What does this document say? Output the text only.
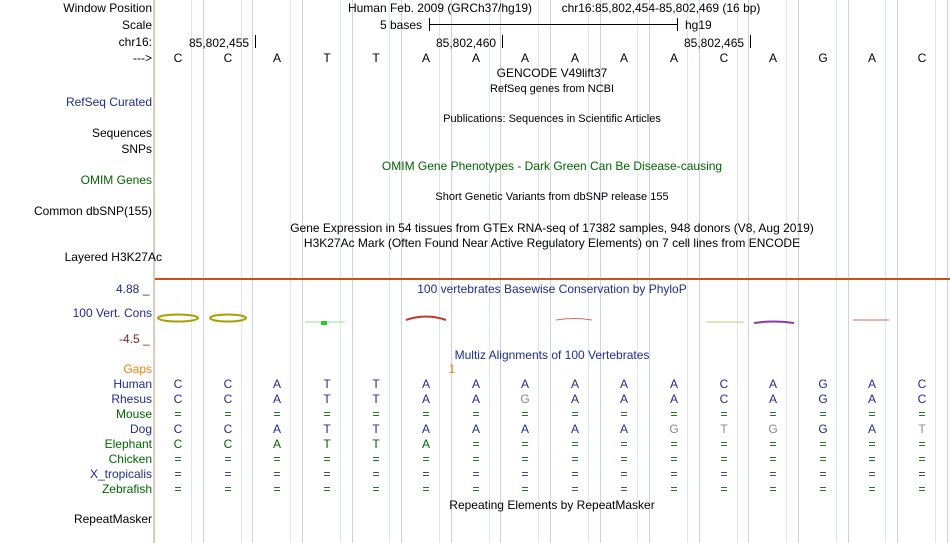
Window Position
Scale
chr16:
--->
Human Feb. 2009 (GRCh37/hg19) chr16:85,802,454-85,802,469 (16 bp)
5 bases	hg19
85,802,455	85,802,460	85,802,465
C	C	A	T	T	A	A	A	A	A	A	C	A	G	A	C
GENCODE V49lift37
RefSeq genes from NCBI
RefSeq Curated
Publications: Sequences in Scientific Articles
Sequences
SNPs
OMIM Gene Phenotypes - Dark Green Can Be Disease-causing
OMIM Genes
Short Genetic Variants from dbSNP release 155
Common dbSNP(155)
Gene Expression in 54 tissues from GTEx RNA-seq of 17382 samples, 948 donors (V8, Aug 2019)
H3K27Ac Mark (Often Found Near Active Regulatory Elements) on 7 cell lines from ENCODE
Layered H3K27Ac
4.88 _	100 vertebrates Basewise Conservation by PhyloP
100 Vert. Cons
-4.5 _
Multiz Alignments of 100 Vertebrates
Gaps	1
Human	C	C	A	T	T	A	A	A	A	A	A	C	A	G	A	C
Rhesus	C	C	A	T	T	A	A	G	A	A	A	C	A	G	A	C
Mouse	=	=	=	=	=	=	=	=	=	=	=	=	=	=	=	=
Dog	C	C	A	T	T	A	A	A	A	A	G	T	G	G	A	T
Elephant	C	C	A	T	T	A	=	=	=	=	=	=	=	=	=	=
Chicken	=	=	=	=	=	=	=	=	=	=	=	=	=	=	=	=
X_tropicalis	=	=	=	=	=	=	=	=	=	=	=	=	=	=	=	=
Zebrafish	=	=	=	=	=	=	=	=	=	=	=	=	=	=	=	=
Repeating Elements by RepeatMasker
RepeatMasker
